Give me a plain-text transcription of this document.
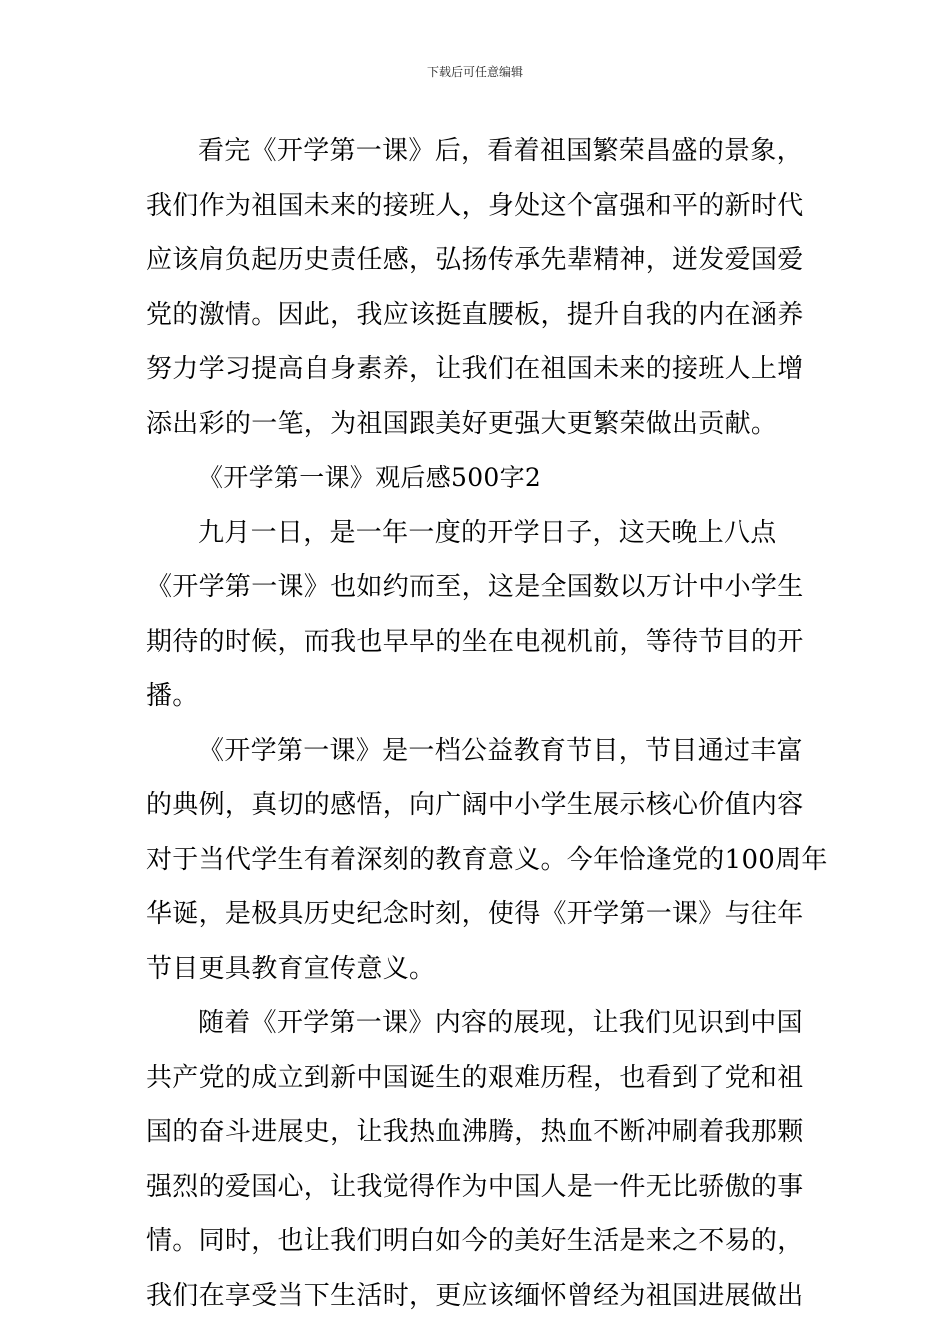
下载后可任意编辑
看完《开学第一课》后，看着祖国繁荣昌盛的景象，
我们作为祖国未来的接班人，身处这个富强和平的新时代
应该肩负起历史责任感，弘扬传承先辈精神，迸发爱国爱
党的激情。因此，我应该挺直腰板，提升自我的内在涵养
努力学习提高自身素养，让我们在祖国未来的接班人上增
添出彩的一笔，为祖国跟美好更强大更繁荣做出贡献。
《开学第一课》观后感500字2
九月一日，是一年一度的开学日子，这天晚上八点
《开学第一课》也如约而至，这是全国数以万计中小学生
期待的时候，而我也早早的坐在电视机前，等待节目的开
播。
《开学第一课》是一档公益教育节目，节目通过丰富
的典例，真切的感悟，向广阔中小学生展示核心价值内容
对于当代学生有着深刻的教育意义。今年恰逢党的100周年
华诞，是极具历史纪念时刻，使得《开学第一课》与往年
节目更具教育宣传意义。
随着《开学第一课》内容的展现，让我们见识到中国
共产党的成立到新中国诞生的艰难历程，也看到了党和祖
国的奋斗进展史，让我热血沸腾，热血不断冲刷着我那颗
强烈的爱国心，让我觉得作为中国人是一件无比骄傲的事
情。同时，也让我们明白如今的美好生活是来之不易的，
我们在享受当下生活时，更应该缅怀曾经为祖国进展做出
